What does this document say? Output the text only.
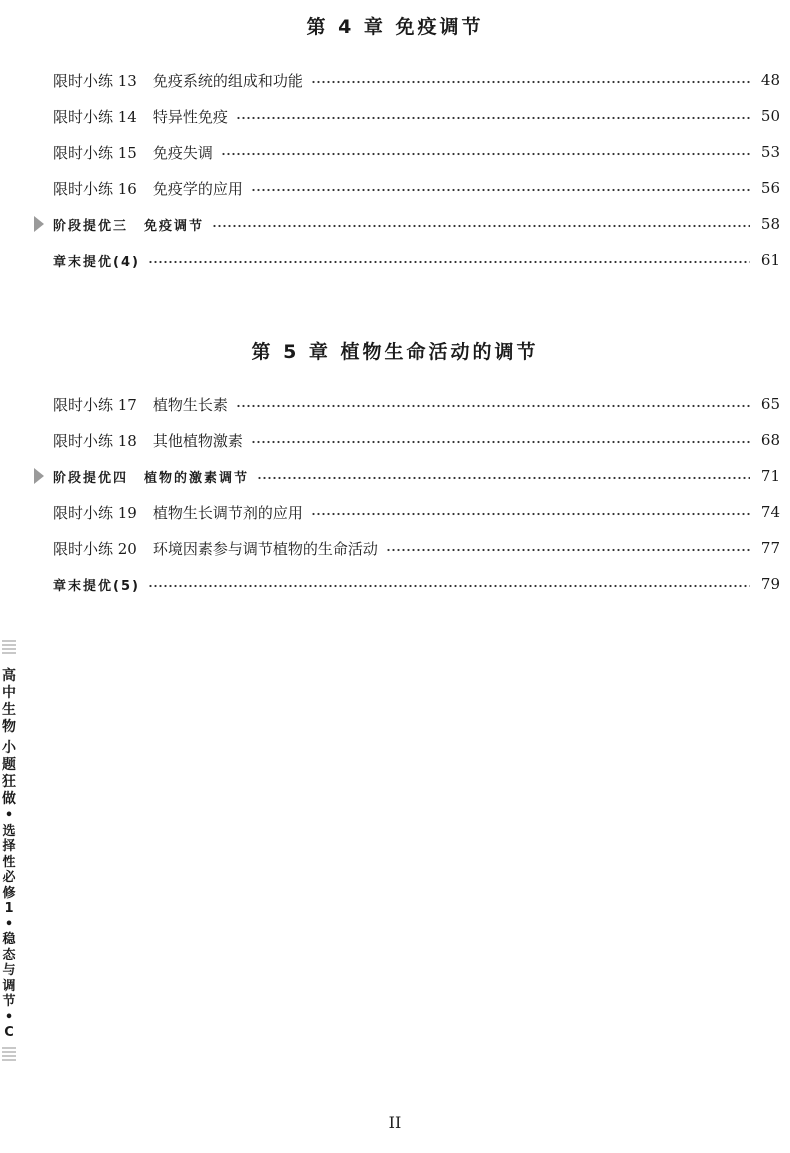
第 4 章 免疫调节
限时小练 13 免疫系统的组成和功能	48
限时小练 14 特异性免疫	50
限时小练 15 免疫失调	53
限时小练 16 免疫学的应用	56
阶段提优三 免疫调节	58
章末提优(4)	61
第 5 章 植物生命活动的调节
限时小练 17 植物生长素	65
限时小练 18 其他植物激素	68
阶段提优四 植物的激素调节	71
限时小练 19 植物生长调节剂的应用	74
限时小练 20 环境因素参与调节植物的生命活动	77
章末提优(5)	79
高
中
生
物
小
题
狂
做
•
选
择
性
必
修
1
•
稳
态
与
调
节
•
C
II
